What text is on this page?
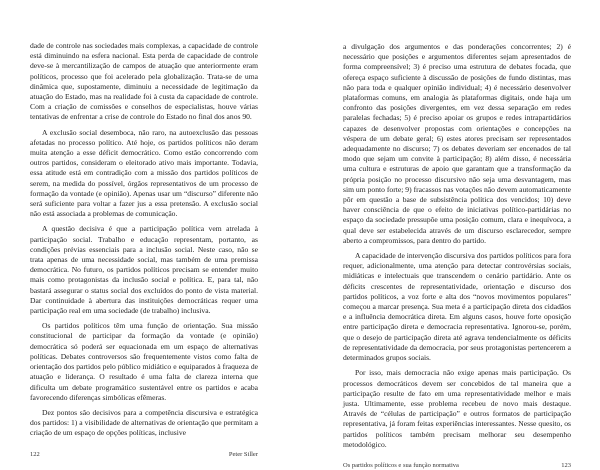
dade de controle nas sociedades mais complexas, a capacidade de controle está diminuindo na esfera nacional. Esta perda de capacidade de controle deve-se à mercantilização de campos de atuação que anteriormente eram políticos, processo que foi acelerado pela globalização. Trata-se de uma dinâmica que, supostamente, diminuiu a necessidade de legitimação da atuação do Estado, mas na realidade foi à custa da capacidade de controle. Com a criação de comissões e conselhos de especialistas, houve várias tentativas de enfrentar a crise de controle do Estado no final dos anos 90.

A exclusão social desemboca, não raro, na autoexclusão das pessoas afetadas no processo político. Até hoje, os partidos políticos não deram muita atenção a esse déficit democrático. Como estão concorrendo com outros partidos, consideram o eleitorado ativo mais importante. Todavia, essa atitude está em contradição com a missão dos partidos políticos de serem, na medida do possível, órgãos representativos de um processo de formação da vontade (e opinião). Apenas usar um “discurso” diferente não será suficiente para voltar a fazer jus a essa pretensão. A exclusão social não está associada a problemas de comunicação.

A questão decisiva é que a participação política vem atrelada à participação social. Trabalho e educação representam, portanto, as condições prévias essenciais para a inclusão social. Neste caso, não se trata apenas de uma necessidade social, mas também de uma premissa democrática. No futuro, os partidos políticos precisam se entender muito mais como protagonistas da inclusão social e política. E, para tal, não bastará assegurar o status social dos excluídos do ponto de vista material. Dar continuidade à abertura das instituições democráticas requer uma participação real em uma sociedade (de trabalho) inclusiva.

Os partidos políticos têm uma função de orientação. Sua missão constitucional de participar da formação da vontade (e opinião) democrática só poderá ser equacionada em um espaço de alternativas políticas. Debates controversos são frequentemente vistos como falta de orientação dos partidos pelo público midiático e equiparados à fraqueza de atuação e liderança. O resultado é uma falta de clareza interna que dificulta um debate programático sustentável entre os partidos e acaba favorecendo diferenças simbólicas efêmeras.

Dez pontos são decisivos para a competência discursiva e estratégica dos partidos: 1) a visibilidade de alternativas de orientação que permitam a criação de um espaço de opções políticas, inclusive

122	Peter Siller

a divulgação dos argumentos e das ponderações concorrentes; 2) é necessário que posições e argumentos diferentes sejam apresentados de forma compreensível; 3) é preciso uma estrutura de debates focada, que ofereça espaço suficiente à discussão de posições de fundo distintas, mas não para toda e qualquer opinião individual; 4) é necessário desenvolver plataformas comuns, em analogia às plataformas digitais, onde haja um confronto das posições divergentes, em vez dessa separação em redes paralelas fechadas; 5) é preciso apoiar os grupos e redes intrapartidários capazes de desenvolver propostas com orientações e concepções na véspera de um debate geral; 6) estes atores precisam ser representados adequadamente no discurso; 7) os debates deveriam ser encenados de tal modo que sejam um convite à participação; 8) além disso, é necessária uma cultura e estruturas de apoio que garantam que a transformação da própria posição no processo discursivo não seja uma desvantagem, mas sim um ponto forte; 9) fracassos nas votações não devem automaticamente pôr em questão a base de subsistência política dos vencidos; 10) deve haver consciência de que o efeito de iniciativas político-partidárias no espaço da sociedade pressupõe uma posição comum, clara e inequívoca, a qual deve ser estabelecida através de um discurso esclarecedor, sempre aberto a compromissos, para dentro do partido.

A capacidade de intervenção discursiva dos partidos políticos para fora requer, adicionalmente, uma atenção para detectar controvérsias sociais, midiáticas e intelectuais que transcendem o cenário partidário. Ante os déficits crescentes de representatividade, orientação e discurso dos partidos políticos, a voz forte e alta dos “novos movimentos populares” começou a marcar presença. Sua meta é a participação direta dos cidadãos e a influência democrática direta. Em alguns casos, houve forte oposição entre participação direta e democracia representativa. Ignorou-se, porém, que o desejo de participação direta até agrava tendencialmente os déficits de representatividade da democracia, por seus protagonistas pertencerem a determinados grupos sociais.

Por isso, mais democracia não exige apenas mais participação. Os processos democráticos devem ser concebidos de tal maneira que a participação resulte de fato em uma representatividade melhor e mais justa. Ultimamente, esse problema recebeu de novo mais destaque. Através de “células de participação” e outros formatos de participação representativa, já foram feitas experiências interessantes. Nesse quesito, os partidos políticos também precisam melhorar seu desempenho metodológico.

Os partidos políticos e sua função normativa	123
